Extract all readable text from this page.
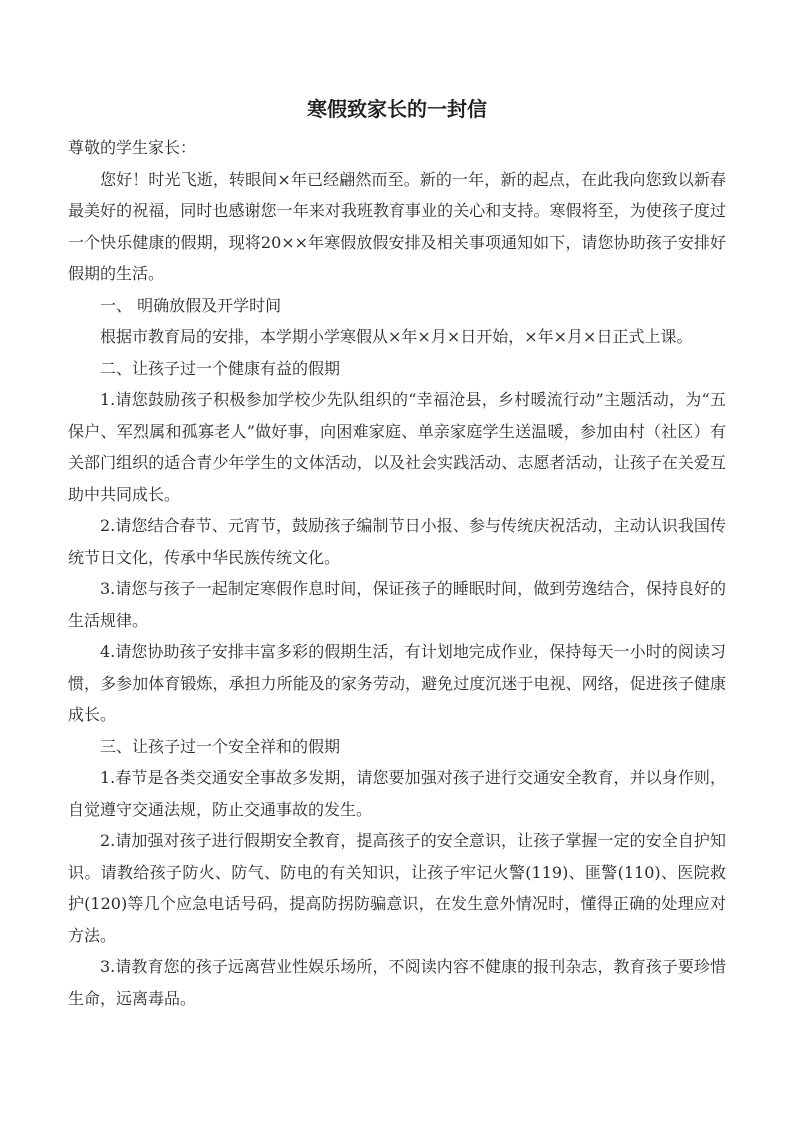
寒假致家长的一封信

尊敬的学生家长：

您好！时光飞逝，转眼间×年已经翩然而至。新的一年，新的起点，在此我向您致以新春最美好的祝福，同时也感谢您一年来对我班教育事业的关心和支持。寒假将至，为使孩子度过一个快乐健康的假期，现将20××年寒假放假安排及相关事项通知如下，请您协助孩子安排好假期的生活。

一、 明确放假及开学时间

根据市教育局的安排，本学期小学寒假从×年×月×日开始，×年×月×日正式上课。

二、让孩子过一个健康有益的假期

1.请您鼓励孩子积极参加学校少先队组织的“幸福沧县，乡村暖流行动”主题活动，为“五保户、军烈属和孤寡老人”做好事，向困难家庭、单亲家庭学生送温暖，参加由村（社区）有关部门组织的适合青少年学生的文体活动，以及社会实践活动、志愿者活动，让孩子在关爱互助中共同成长。

2.请您结合春节、元宵节，鼓励孩子编制节日小报、参与传统庆祝活动，主动认识我国传统节日文化，传承中华民族传统文化。

3.请您与孩子一起制定寒假作息时间，保证孩子的睡眠时间，做到劳逸结合，保持良好的生活规律。

4.请您协助孩子安排丰富多彩的假期生活，有计划地完成作业，保持每天一小时的阅读习惯，多参加体育锻炼，承担力所能及的家务劳动，避免过度沉迷于电视、网络，促进孩子健康成长。

三、让孩子过一个安全祥和的假期

1.春节是各类交通安全事故多发期，请您要加强对孩子进行交通安全教育，并以身作则，自觉遵守交通法规，防止交通事故的发生。

2.请加强对孩子进行假期安全教育，提高孩子的安全意识，让孩子掌握一定的安全自护知识。请教给孩子防火、防气、防电的有关知识，让孩子牢记火警(119)、匪警(110)、医院救护(120)等几个应急电话号码，提高防拐防骗意识，在发生意外情况时，懂得正确的处理应对方法。

3.请教育您的孩子远离营业性娱乐场所，不阅读内容不健康的报刊杂志，教育孩子要珍惜生命，远离毒品。
